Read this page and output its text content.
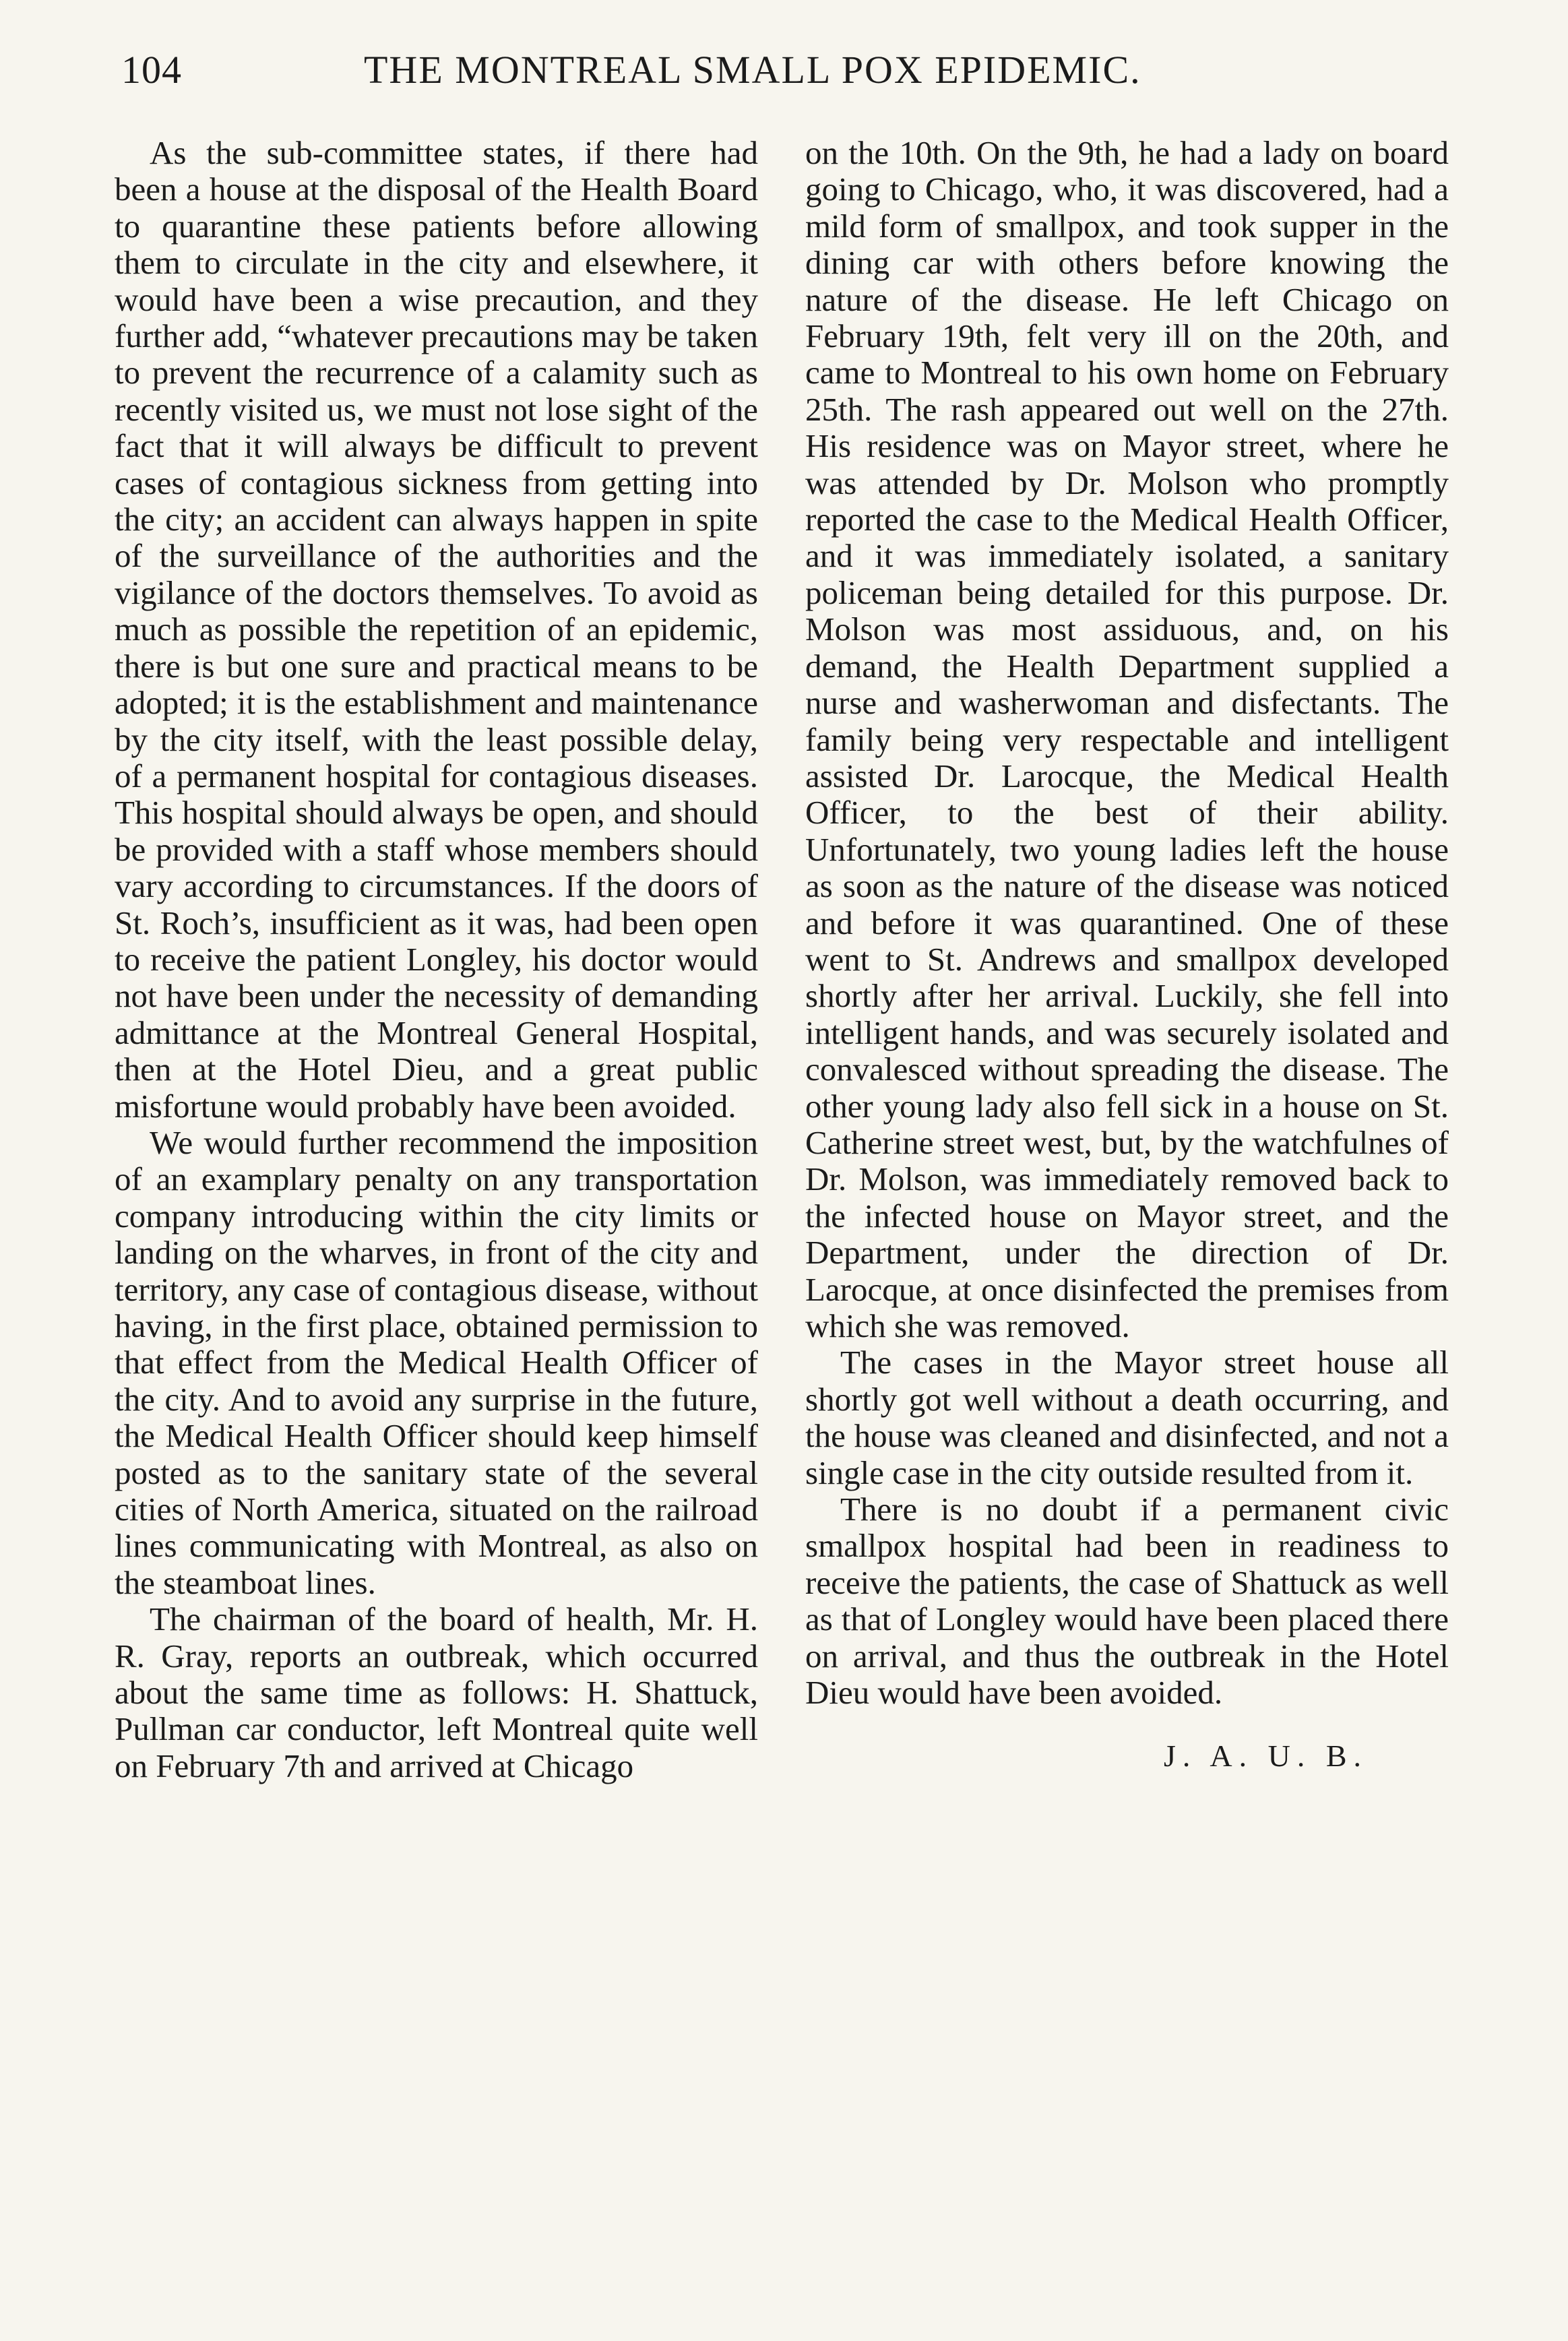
104	THE MONTREAL SMALL POX EPIDEMIC.

As the sub-committee states, if there had been a house at the disposal of the Health Board to quarantine these patients before allowing them to circulate in the city and elsewhere, it would have been a wise precaution, and they further add, “whatever precautions may be taken to prevent the recurrence of a calamity such as recently visited us, we must not lose sight of the fact that it will always be difficult to prevent cases of contagious sickness from getting into the city; an accident can always happen in spite of the surveillance of the authorities and the vigilance of the doctors themselves. To avoid as much as possible the repetition of an epidemic, there is but one sure and practical means to be adopted; it is the establishment and maintenance by the city itself, with the least possible delay, of a permanent hospital for contagious diseases. This hospital should always be open, and should be provided with a staff whose members should vary according to circumstances. If the doors of St. Roch’s, insufficient as it was, had been open to receive the patient Longley, his doctor would not have been under the necessity of demanding admittance at the Montreal General Hospital, then at the Hotel Dieu, and a great public misfortune would probably have been avoided.

We would further recommend the imposition of an examplary penalty on any transportation company introducing within the city limits or landing on the wharves, in front of the city and territory, any case of contagious disease, without having, in the first place, obtained permission to that effect from the Medical Health Officer of the city. And to avoid any surprise in the future, the Medical Health Officer should keep himself posted as to the sanitary state of the several cities of North America, situated on the railroad lines communicating with Montreal, as also on the steamboat lines.

The chairman of the board of health, Mr. H. R. Gray, reports an outbreak, which occurred about the same time as follows: H. Shattuck, Pullman car conductor, left Montreal quite well on February 7th and arrived at Chicago

on the 10th. On the 9th, he had a lady on board going to Chicago, who, it was discovered, had a mild form of smallpox, and took supper in the dining car with others before knowing the nature of the disease. He left Chicago on February 19th, felt very ill on the 20th, and came to Montreal to his own home on February 25th. The rash appeared out well on the 27th. His residence was on Mayor street, where he was attended by Dr. Molson who promptly reported the case to the Medical Health Officer, and it was immediately isolated, a sanitary policeman being detailed for this purpose. Dr. Molson was most assiduous, and, on his demand, the Health Department supplied a nurse and washerwoman and disfectants. The family being very respectable and intelligent assisted Dr. Larocque, the Medical Health Officer, to the best of their ability. Unfortunately, two young ladies left the house as soon as the nature of the disease was noticed and before it was quarantined. One of these went to St. Andrews and smallpox developed shortly after her arrival. Luckily, she fell into intelligent hands, and was securely isolated and convalesced without spreading the disease. The other young lady also fell sick in a house on St. Catherine street west, but, by the watchfulnes of Dr. Molson, was immediately removed back to the infected house on Mayor street, and the Department, under the direction of Dr. Larocque, at once disinfected the premises from which she was removed.

The cases in the Mayor street house all shortly got well without a death occurring, and the house was cleaned and disinfected, and not a single case in the city outside resulted from it.

There is no doubt if a permanent civic smallpox hospital had been in readiness to receive the patients, the case of Shattuck as well as that of Longley would have been placed there on arrival, and thus the outbreak in the Hotel Dieu would have been avoided.

J. A. U. B.
